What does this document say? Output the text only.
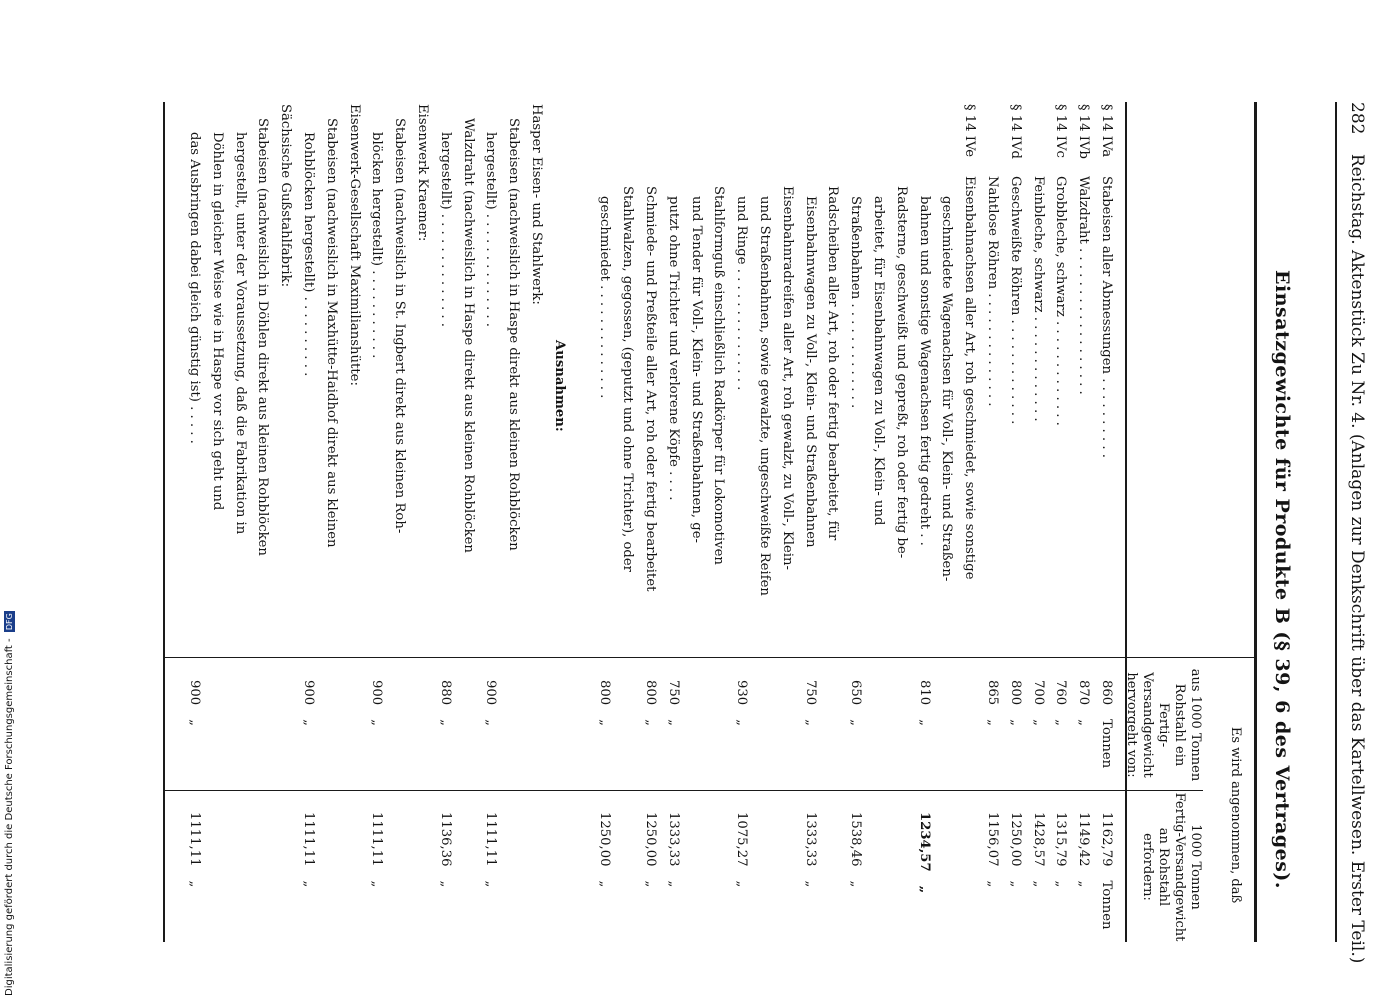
282 Reichstag. Aktenstück Zu Nr. 4. (Anlagen zur Denkschrift über das Kartellwesen. Erster Teil.)
Einsatzgewichte für Produkte B (§ 39, 6 des Vertrages).
Es wird angenommen, daß
aus 1000 Tonnen
Rohstahl ein
Fertig-Versandgewicht
hervorgeht von:
1000 Tonnen
Fertig-Versandgewicht
an Rohstahl
erfordern:
§ 14 IVa
Stabeisen aller Abmessungen . . . . . . . . . .
860Tonnen
1162,79Tonnen
§ 14 IVb
Walzdraht . . . . . . . . . . . . . . . . . .
870„
1149,42„
§ 14 IVc
Grobbleche, schwarz . . . . . . . . . . . . .
760„
1315,79„
Feinbleche, schwarz . . . . . . . . . . . . .
700„
1428,57„
§ 14 IVd
Geschweißte Röhren . . . . . . . . . . . . .
800„
1250,00„
Nahtlose Röhren . . . . . . . . . . . . . .
865„
1156,07„
§ 14 IVe
Eisenbahnachsen aller Art, roh geschmiedet, sowie sonstige
geschmiedete Wagenachsen für Voll-, Klein- und Straßen-
bahnen und sonstige Wagenachsen fertig gedreht . .
810„
1234,57„
Radsterne, geschweißt und gepreßt, roh oder fertig be-
arbeitet, für Eisenbahnwagen zu Voll-, Klein- und
Straßenbahnen . . . . . . . . . . . . .
650„
1538,46„
Radscheiben aller Art, roh oder fertig bearbeitet, für
Eisenbahnwagen zu Voll-, Klein- und Straßenbahnen
750„
1333,33„
Eisenbahnradreifen aller Art, roh gewalzt, zu Voll-, Klein-
und Straßenbahnen, sowie gewalzte, ungeschweißte Reifen
und Ringe . . . . . . . . . . . . . . .
930„
1075,27„
Stahlformguß einschließlich Radkörper für Lokomotiven
und Tender für Voll-, Klein- und Straßenbahnen, ge-
putzt ohne Trichter und verlorene Köpfe . . . .
750„
1333,33„
Schmiede- und Preßteile aller Art, roh oder fertig bearbeitet
800„
1250,00„
Stahlwalzen, gegossen, (geputzt und ohne Trichter), oder
geschmiedet . . . . . . . . . . . . . .
800„
1250,00„
Ausnahmen:
Hasper Eisen- und Stahlwerk:
Stabeisen (nachweislich in Haspe direkt aus kleinen Rohblöcken
hergestellt) . . . . . . . . . . . . . .
900„
1111,11„
Walzdraht (nachweislich in Haspe direkt aus kleinen Rohblöcken
hergestellt) . . . . . . . . . . . . . .
880„
1136,36„
Eisenwerk Kraemer:
Stabeisen (nachweislich in St. Ingbert direkt aus kleinen Roh-
blöcken hergestellt) . . . . . . . . . . .
900„
1111,11„
Eisenwerk-Gesellschaft Maximilianshütte:
Stabeisen (nachweislich in Maxhütte-Haidhof direkt aus kleinen
Rohblöcken hergestellt) . . . . . . . . . .
900„
1111,11„
Sächsische Gußstahlfabrik:
Stabeisen (nachweislich in Döhlen direkt aus kleinen Rohblöcken
hergestellt, unter der Voraussetzung, daß die Fabrikation in
Döhlen in gleicher Weise wie in Haspe vor sich geht und
das Ausbringen dabei gleich günstig ist) . . . . .
900„
1111,11„
Digitalisierung gefördert durch die Deutsche Forschungsgemeinschaft - DFG
